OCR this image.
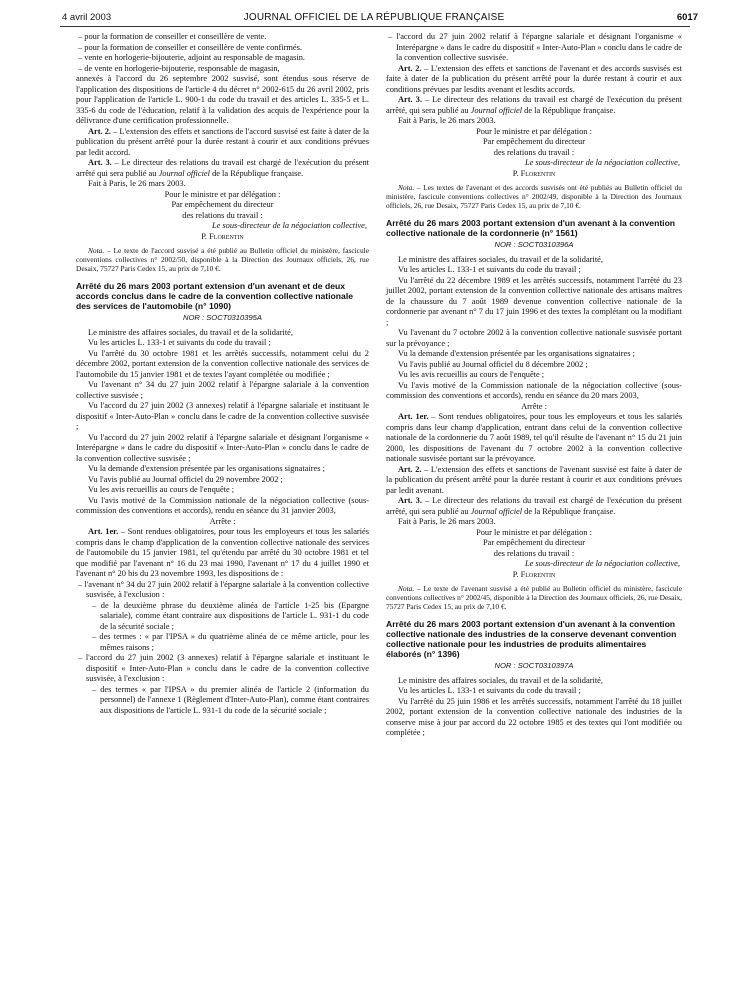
4 avril 2003	JOURNAL OFFICIEL DE LA RÉPUBLIQUE FRANÇAISE	6017

– pour la formation de conseiller et conseillère de vente.

– pour la formation de conseiller et conseillère de vente confirmés.

– vente en horlogerie-bijouterie, adjoint au responsable de magasin.

– de vente en horlogerie-bijouterie, responsable de magasin,

annexés à l'accord du 26 septembre 2002 susvisé, sont étendus sous réserve de l'application des dispositions de l'article 4 du décret n° 2002-615 du 26 avril 2002, pris pour l'application de l'article L. 900-1 du code du travail et des articles L. 335-5 et L. 335-6 du code de l'éducation, relatif à la validation des acquis de l'expérience pour la délivrance d'une certification professionnelle.

Art. 2. – L'extension des effets et sanctions de l'accord susvisé est faite à dater de la publication du présent arrêté pour la durée restant à courir et aux conditions prévues par ledit accord.

Art. 3. – Le directeur des relations du travail est chargé de l'exécution du présent arrêté qui sera publié au Journal officiel de la République française.

Fait à Paris, le 26 mars 2003.

Pour le ministre et par délégation :

Par empêchement du directeur

des relations du travail :

Le sous-directeur de la négociation collective,

P. Florentin

Nota. – Le texte de l'accord susvisé a été publié au Bulletin officiel du ministère, fascicule conventions collectives n° 2002/50, disponible à la Direction des Journaux officiels, 26, rue Desaix, 75727 Paris Cedex 15, au prix de 7,10 €.

Arrêté du 26 mars 2003 portant extension d'un avenant et de deux accords conclus dans le cadre de la convention collective nationale des services de l'automobile (n° 1090)

NOR : SOCT0310395A

Le ministre des affaires sociales, du travail et de la solidarité,

Vu les articles L. 133-1 et suivants du code du travail ;

Vu l'arrêté du 30 octobre 1981 et les arrêtés successifs, notamment celui du 2 décembre 2002, portant extension de la convention collective nationale des services de l'automobile du 15 janvier 1981 et de textes l'ayant complétée ou modifiée ;

Vu l'avenant n° 34 du 27 juin 2002 relatif à l'épargne salariale à la convention collective susvisée ;

Vu l'accord du 27 juin 2002 (3 annexes) relatif à l'épargne salariale et instituant le dispositif « Inter-Auto-Plan » conclu dans le cadre de la convention collective susvisée ;

Vu l'accord du 27 juin 2002 relatif à l'épargne salariale et désignant l'organisme « Interépargne » dans le cadre du dispositif « Inter-Auto-Plan » conclu dans le cadre de la convention collective susvisée ;

Vu la demande d'extension présentée par les organisations signataires ;

Vu l'avis publié au Journal officiel du 29 novembre 2002 ;

Vu les avis recueillis au cours de l'enquête ;

Vu l'avis motivé de la Commission nationale de la négociation collective (sous-commission des conventions et accords), rendu en séance du 31 janvier 2003,

Arrête :

Art. 1er. – Sont rendues obligatoires, pour tous les employeurs et tous les salariés compris dans le champ d'application de la convention collective nationale des services de l'automobile du 15 janvier 1981, tel qu'étendu par arrêté du 30 octobre 1981 et tel que modifié par l'avenant n° 16 du 23 mai 1990, l'avenant n° 17 du 4 juillet 1990 et l'avenant n° 20 bis du 23 novembre 1993, les dispositions de :

– l'avenant n° 34 du 27 juin 2002 relatif à l'épargne salariale à la convention collective susvisée, à l'exclusion :

– de la deuxième phrase du deuxième alinéa de l'article 1-25 bis (Epargne salariale), comme étant contraire aux dispositions de l'article L. 931-1 du code de la sécurité sociale ;

– des termes : « par l'IPSA » du quatrième alinéa de ce même article, pour les mêmes raisons ;

– l'accord du 27 juin 2002 (3 annexes) relatif à l'épargne salariale et instituant le dispositif « Inter-Auto-Plan » conclu dans le cadre de la convention collective susvisée, à l'exclusion :

– des termes « par l'IPSA » du premier alinéa de l'article 2 (information du personnel) de l'annexe 1 (Règlement d'Inter-Auto-Plan), comme étant contraires aux dispositions de l'article L. 931-1 du code de la sécurité sociale ;

– l'accord du 27 juin 2002 relatif à l'épargne salariale et désignant l'organisme « Interépargne » dans le cadre du dispositif « Inter-Auto-Plan » conclu dans le cadre de la convention collective susvisée.

Art. 2. – L'extension des effets et sanctions de l'avenant et des accords susvisés est faite à dater de la publication du présent arrêté pour la durée restant à courir et aux conditions prévues par lesdits avenant et lesdits accords.

Art. 3. – Le directeur des relations du travail est chargé de l'exécution du présent arrêté, qui sera publié au Journal officiel de la République française.

Fait à Paris, le 26 mars 2003.

Pour le ministre et par délégation :

Par empêchement du directeur

des relations du travail :

Le sous-directeur de la négociation collective,

P. Florentin

Nota. – Les textes de l'avenant et des accords susvisés ont été publiés au Bulletin officiel du ministère, fascicule conventions collectives n° 2002/49, disponible à la Direction des Journaux officiels, 26, rue Desaix, 75727 Paris Cedex 15, au prix de 7,10 €.

Arrêté du 26 mars 2003 portant extension d'un avenant à la convention collective nationale de la cordonnerie (n° 1561)

NOR : SOCT0310396A

Le ministre des affaires sociales, du travail et de la solidarité,

Vu les articles L. 133-1 et suivants du code du travail ;

Vu l'arrêté du 22 décembre 1989 et les arrêtés successifs, notamment l'arrêté du 23 juillet 2002, portant extension de la convention collective nationale des artisans maîtres de la chaussure du 7 août 1989 devenue convention collective nationale de la cordonnerie par avenant n° 7 du 17 juin 1996 et des textes la complétant ou la modifiant ;

Vu l'avenant du 7 octobre 2002 à la convention collective nationale susvisée portant sur la prévoyance ;

Vu la demande d'extension présentée par les organisations signataires ;

Vu l'avis publié au Journal officiel du 8 décembre 2002 ;

Vu les avis recueillis au cours de l'enquête ;

Vu l'avis motivé de la Commission nationale de la négociation collective (sous-commission des conventions et accords), rendu en séance du 20 mars 2003,

Arrête :

Art. 1er. – Sont rendues obligatoires, pour tous les employeurs et tous les salariés compris dans leur champ d'application, entrant dans celui de la convention collective nationale de la cordonnerie du 7 août 1989, tel qu'il résulte de l'avenant n° 15 du 21 juin 2000, les dispositions de l'avenant du 7 octobre 2002 à la convention collective nationale susvisée portant sur la prévoyance.

Art. 2. – L'extension des effets et sanctions de l'avenant susvisé est faite à dater de la publication du présent arrêté pour la durée restant à courir et aux conditions prévues par ledit avenant.

Art. 3. – Le directeur des relations du travail est chargé de l'exécution du présent arrêté, qui sera publié au Journal officiel de la République française.

Fait à Paris, le 26 mars 2003.

Pour le ministre et par délégation :

Par empêchement du directeur

des relations du travail :

Le sous-directeur de la négociation collective,

P. Florentin

Nota. – Le texte de l'avenant susvisé a été publié au Bulletin officiel du ministère, fascicule conventions collectives n° 2002/45, disponible à la Direction des Journaux officiels, 26, rue Desaix, 75727 Paris Cedex 15, au prix de 7,10 €.

Arrêté du 26 mars 2003 portant extension d'un avenant à la convention collective nationale des industries de la conserve devenant convention collective nationale pour les industries de produits alimentaires élaborés (n° 1396)

NOR : SOCT0310397A

Le ministre des affaires sociales, du travail et de la solidarité,

Vu les articles L. 133-1 et suivants du code du travail ;

Vu l'arrêté du 25 juin 1986 et les arrêtés successifs, notamment l'arrêté du 18 juillet 2002, portant extension de la convention collective nationale des industries de la conserve mise à jour par accord du 22 octobre 1985 et des textes qui l'ont modifiée ou complétée ;
